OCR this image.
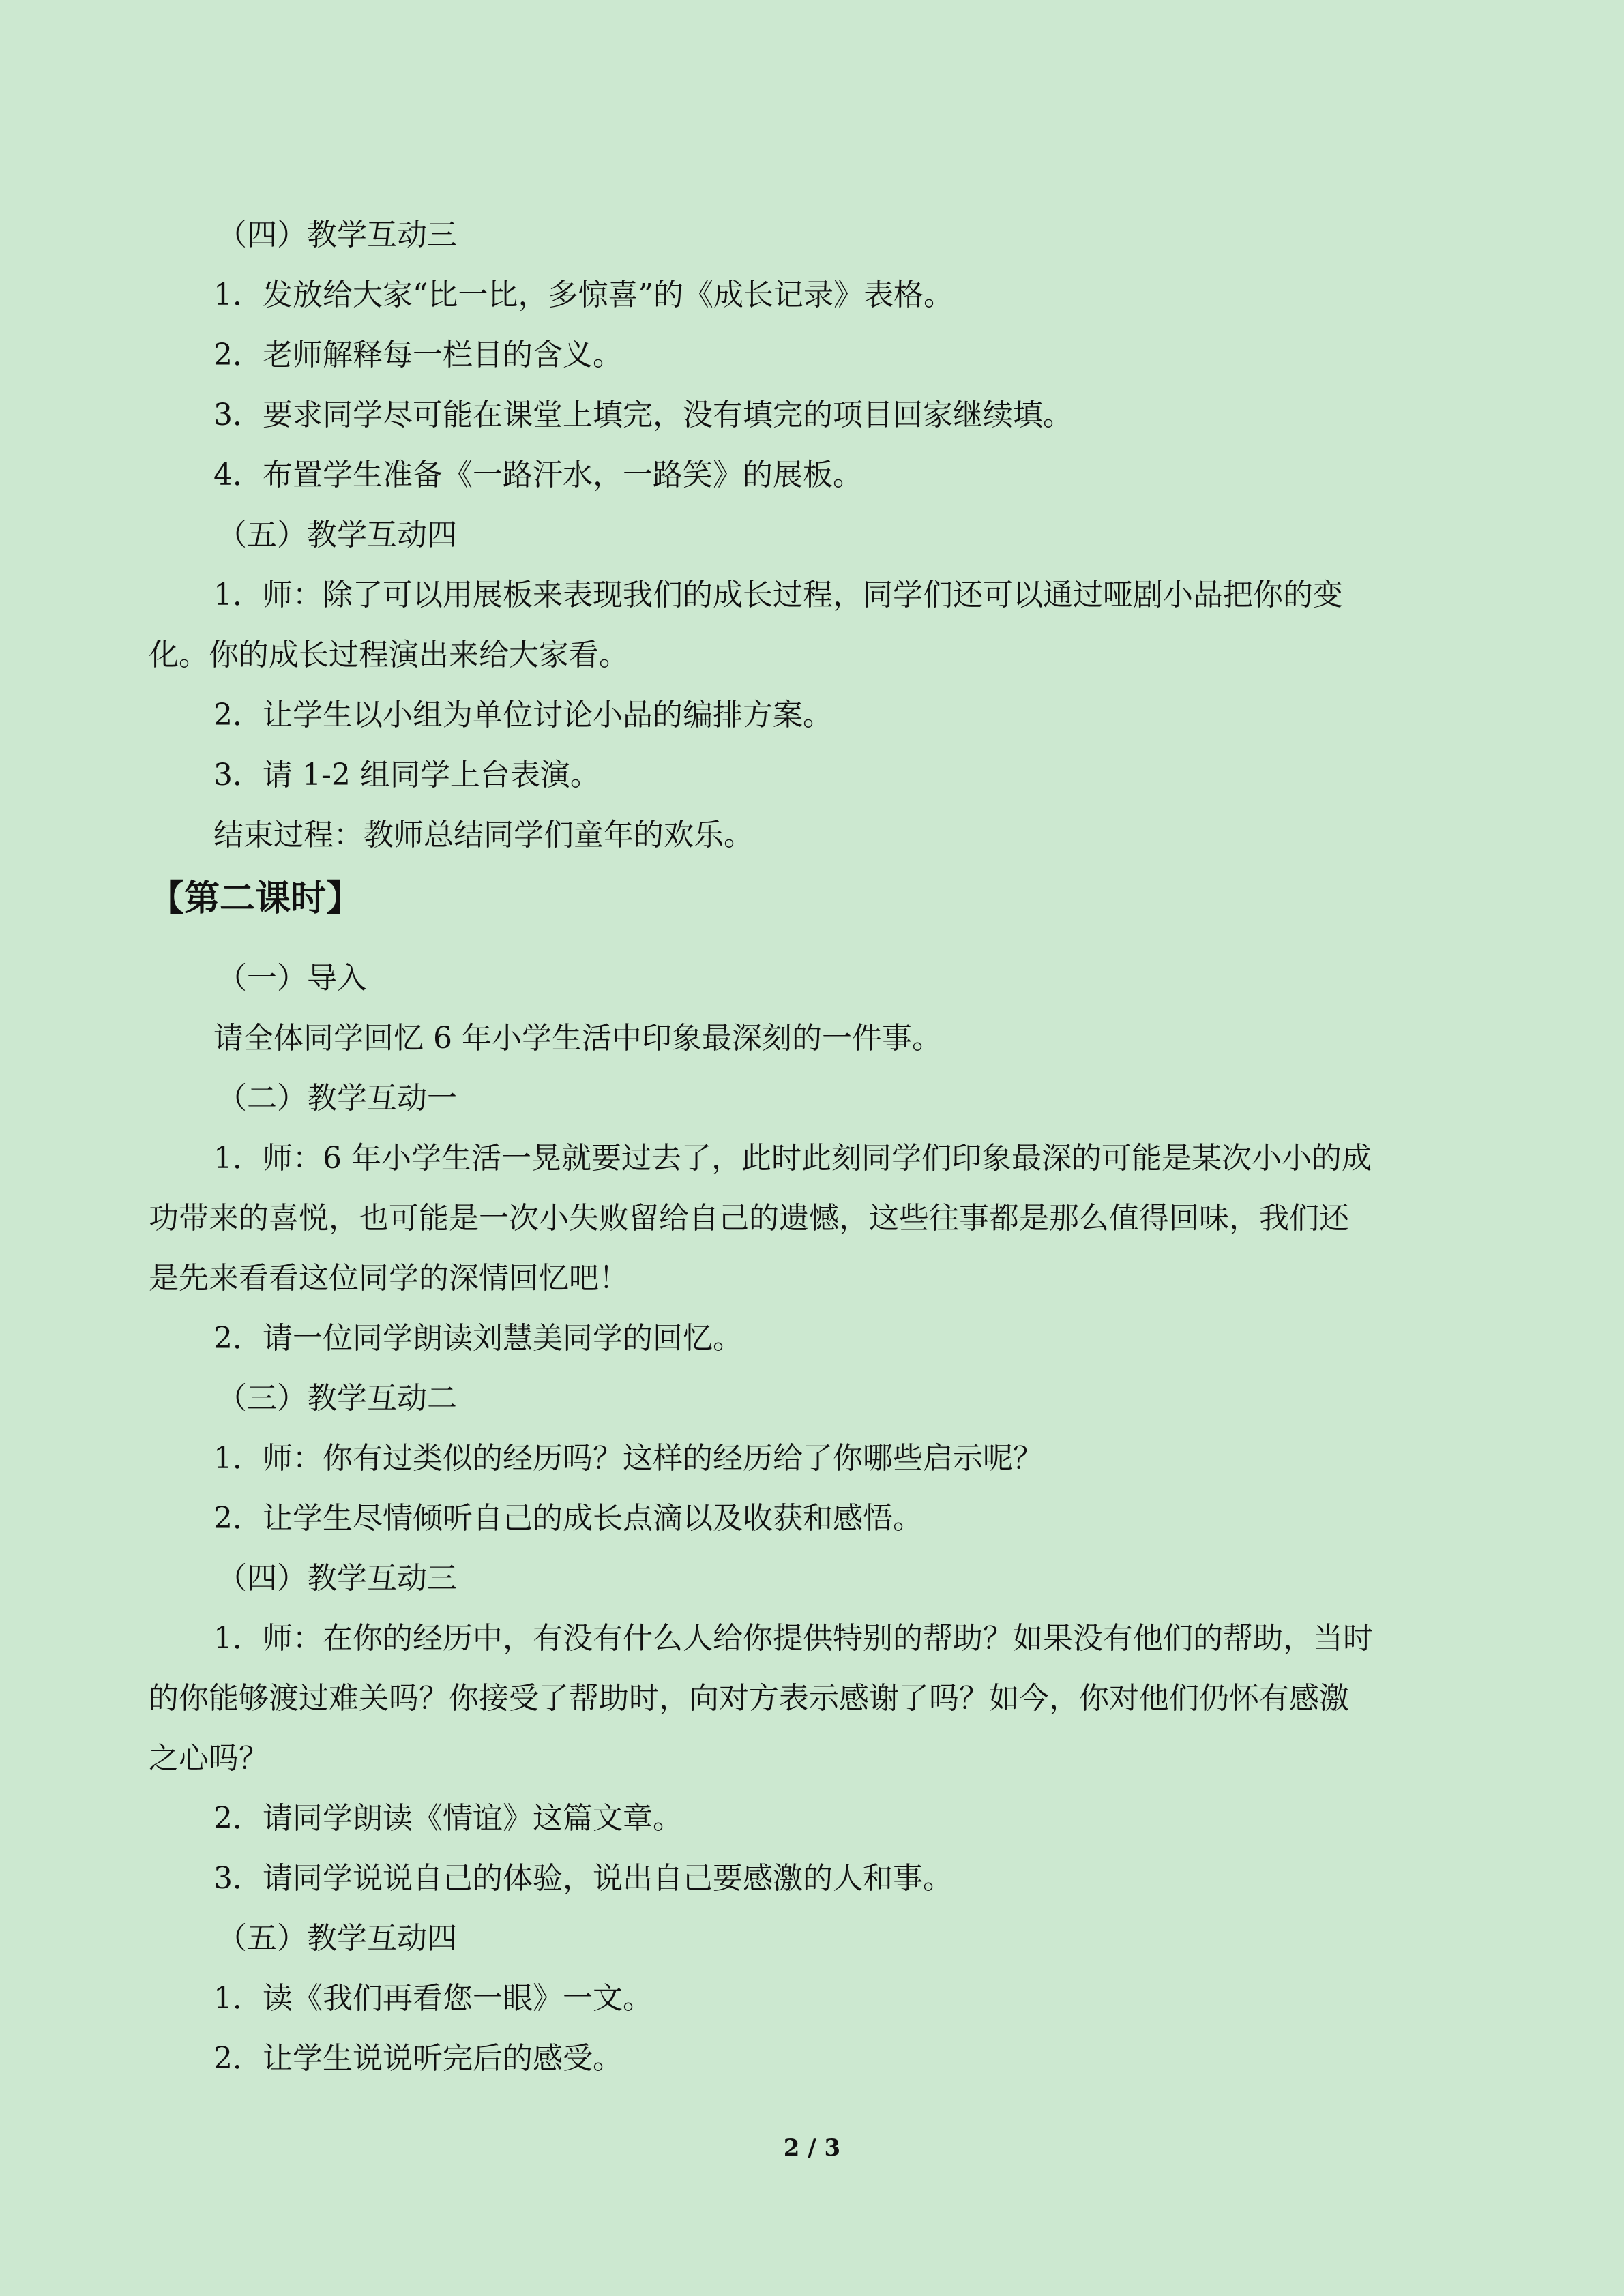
（四）教学互动三
1．发放给大家“比一比，多惊喜”的《成长记录》表格。
2．老师解释每一栏目的含义。
3．要求同学尽可能在课堂上填完，没有填完的项目回家继续填。
4．布置学生准备《一路汗水，一路笑》的展板。
（五）教学互动四
1．师：除了可以用展板来表现我们的成长过程，同学们还可以通过哑剧小品把你的变
化。你的成长过程演出来给大家看。
2．让学生以小组为单位讨论小品的编排方案。
3．请 1-2 组同学上台表演。
结束过程：教师总结同学们童年的欢乐。
【第二课时】
（一）导入
请全体同学回忆 6 年小学生活中印象最深刻的一件事。
（二）教学互动一
1．师：6 年小学生活一晃就要过去了，此时此刻同学们印象最深的可能是某次小小的成
功带来的喜悦，也可能是一次小失败留给自己的遗憾，这些往事都是那么值得回味，我们还
是先来看看这位同学的深情回忆吧！
2．请一位同学朗读刘慧美同学的回忆。
（三）教学互动二
1．师：你有过类似的经历吗？这样的经历给了你哪些启示呢？
2．让学生尽情倾听自己的成长点滴以及收获和感悟。
（四）教学互动三
1．师：在你的经历中，有没有什么人给你提供特别的帮助？如果没有他们的帮助，当时
的你能够渡过难关吗？你接受了帮助时，向对方表示感谢了吗？如今，你对他们仍怀有感激
之心吗？
2．请同学朗读《情谊》这篇文章。
3．请同学说说自己的体验，说出自己要感激的人和事。
（五）教学互动四
1．读《我们再看您一眼》一文。
2．让学生说说听完后的感受。
2 / 3
